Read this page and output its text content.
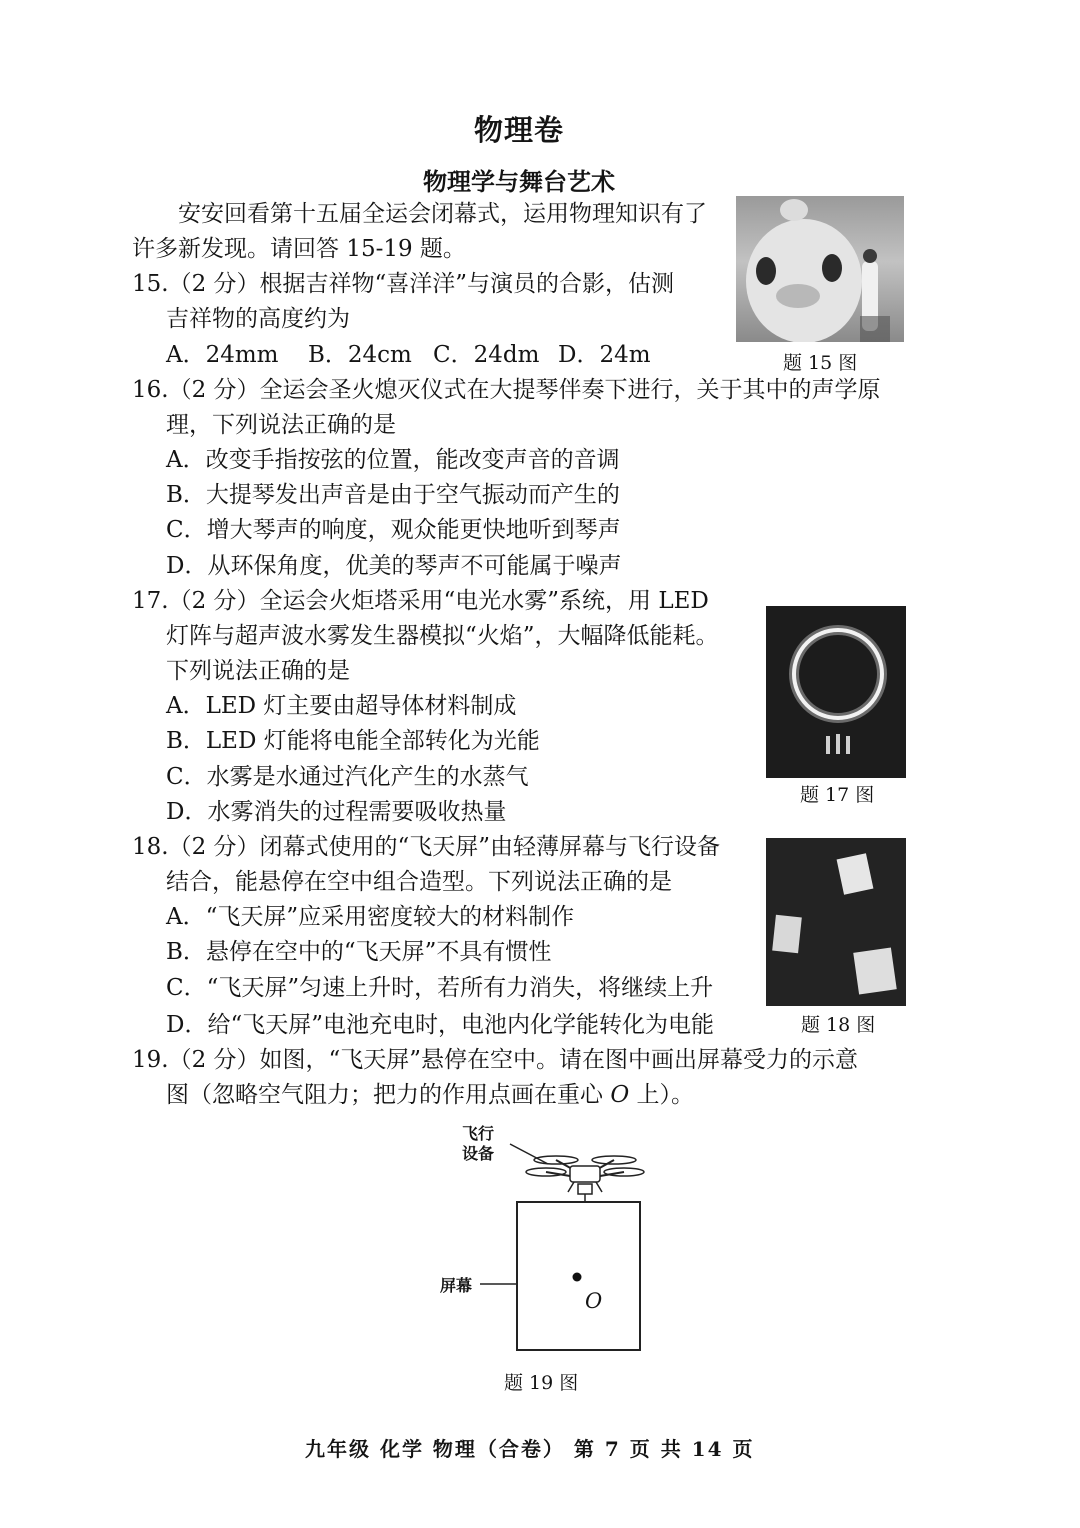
物理卷
物理学与舞台艺术
安安回看第十五届全运会闭幕式，运用物理知识有了
许多新发现。请回答 15-19 题。
15.（2 分）根据吉祥物“喜洋洋”与演员的合影，估测
吉祥物的高度约为
A．24mm B．24cm C．24dm D．24m	题 15 图
16.（2 分）全运会圣火熄灭仪式在大提琴伴奏下进行，关于其中的声学原
理，下列说法正确的是
A．改变手指按弦的位置，能改变声音的音调
B．大提琴发出声音是由于空气振动而产生的
C．增大琴声的响度，观众能更快地听到琴声
D．从环保角度，优美的琴声不可能属于噪声
17.（2 分）全运会火炬塔采用“电光水雾”系统，用 LED
灯阵与超声波水雾发生器模拟“火焰”，大幅降低能耗。
下列说法正确的是
A．LED 灯主要由超导体材料制成
B．LED 灯能将电能全部转化为光能
C．水雾是水通过汽化产生的水蒸气
D．水雾消失的过程需要吸收热量
题 17 图
18.（2 分）闭幕式使用的“飞天屏”由轻薄屏幕与飞行设备
结合，能悬停在空中组合造型。下列说法正确的是
A．“飞天屏”应采用密度较大的材料制作
B．悬停在空中的“飞天屏”不具有惯性
C．“飞天屏”匀速上升时，若所有力消失，将继续上升
D．给“飞天屏”电池充电时，电池内化学能转化为电能	题 18 图
19.（2 分）如图，“飞天屏”悬停在空中。请在图中画出屏幕受力的示意
图（忽略空气阻力；把力的作用点画在重心 O 上）。
飞行
设备
屏幕
O
题 19 图
九年级 化学 物理（合卷） 第 7 页 共 14 页
